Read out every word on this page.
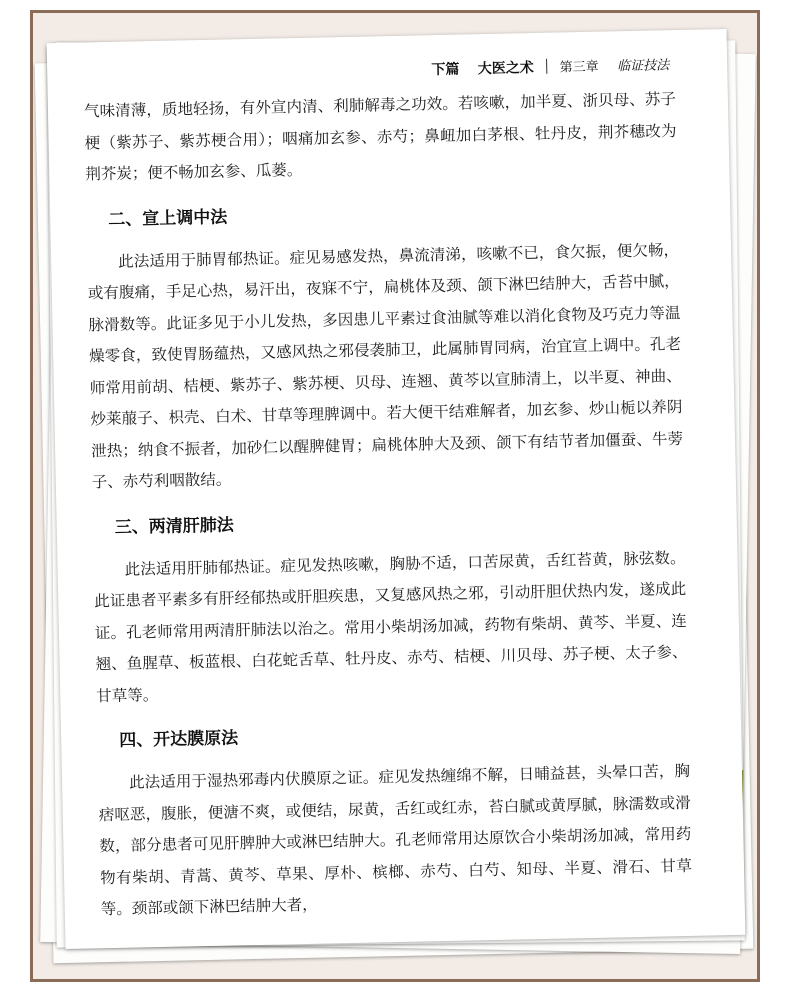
下篇 大医之术 第三章 临证技法

气味清薄，质地轻扬，有外宣内清、利肺解毒之功效。若咳嗽，加半夏、浙贝母、苏子梗（紫苏子、紫苏梗合用）；咽痛加玄参、赤芍；鼻衄加白茅根、牡丹皮，荆芥穗改为荆芥炭；便不畅加玄参、瓜蒌。

二、宣上调中法

此法适用于肺胃郁热证。症见易感发热，鼻流清涕，咳嗽不已，食欠振，便欠畅，或有腹痛，手足心热，易汗出，夜寐不宁，扁桃体及颈、颌下淋巴结肿大，舌苔中腻，脉滑数等。此证多见于小儿发热，多因患儿平素过食油腻等难以消化食物及巧克力等温燥零食，致使胃肠蕴热，又感风热之邪侵袭肺卫，此属肺胃同病，治宜宣上调中。孔老师常用前胡、桔梗、紫苏子、紫苏梗、贝母、连翘、黄芩以宣肺清上，以半夏、神曲、炒莱菔子、枳壳、白术、甘草等理脾调中。若大便干结难解者，加玄参、炒山栀以养阴泄热；纳食不振者，加砂仁以醒脾健胃；扁桃体肿大及颈、颌下有结节者加僵蚕、牛蒡子、赤芍利咽散结。

三、两清肝肺法

此法适用肝肺郁热证。症见发热咳嗽，胸胁不适，口苦尿黄，舌红苔黄，脉弦数。此证患者平素多有肝经郁热或肝胆疾患，又复感风热之邪，引动肝胆伏热内发，遂成此证。孔老师常用两清肝肺法以治之。常用小柴胡汤加减，药物有柴胡、黄芩、半夏、连翘、鱼腥草、板蓝根、白花蛇舌草、牡丹皮、赤芍、桔梗、川贝母、苏子梗、太子参、甘草等。

四、开达膜原法

此法适用于湿热邪毒内伏膜原之证。症见发热缠绵不解，日晡益甚，头晕口苦，胸痞呕恶，腹胀，便溏不爽，或便结，尿黄，舌红或红赤，苔白腻或黄厚腻，脉濡数或滑数，部分患者可见肝脾肿大或淋巴结肿大。孔老师常用达原饮合小柴胡汤加减，常用药物有柴胡、青蒿、黄芩、草果、厚朴、槟榔、赤芍、白芍、知母、半夏、滑石、甘草等。颈部或颌下淋巴结肿大者，
